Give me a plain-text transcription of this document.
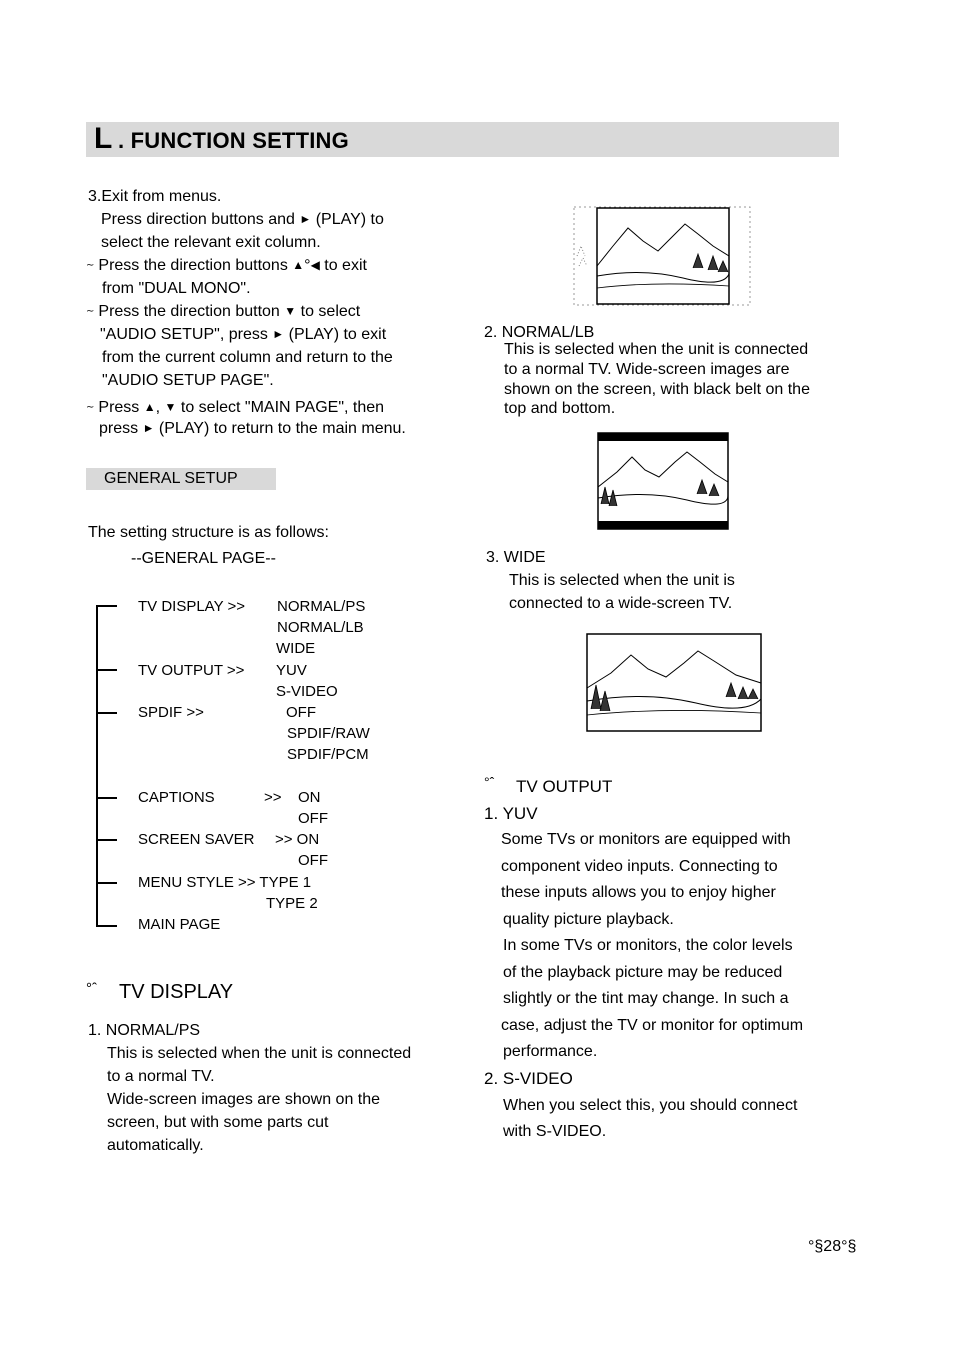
L . FUNCTION SETTING
3.Exit from menus.
Press direction buttons and ► (PLAY) to
select the relevant exit column.
∼ Press the direction buttons ▲°◀ to exit
from "DUAL MONO".
∼ Press the direction button ▼ to select
"AUDIO SETUP", press ► (PLAY) to exit
from the current column and return to the
"AUDIO SETUP PAGE".
∼ Press ▲, ▼ to select "MAIN PAGE", then
press ► (PLAY) to return to the main menu.
GENERAL SETUP
The setting structure is as follows:
--GENERAL PAGE--
TV DISPLAY >> NORMAL/PS
NORMAL/LB
WIDE
TV OUTPUT >> YUV
S-VIDEO
SPDIF >>	OFF
SPDIF/RAW
SPDIF/PCM
CAPTIONS	>> ON
OFF
SCREEN SAVER >> ON
OFF
MENU STYLE >> TYPE 1
TYPE 2
MAIN PAGE
°ˆ TV DISPLAY
1. NORMAL/PS
This is selected when the unit is connected
to a normal TV.
Wide-screen images are shown on the
screen, but with some parts cut
automatically.
2. NORMAL/LB
This is selected when the unit is connected
to a normal TV. Wide-screen images are
shown on the screen, with black belt on the
top and bottom.
3. WIDE
This is selected when the unit is
connected to a wide-screen TV.
°ˆ TV OUTPUT
1. YUV
Some TVs or monitors are equipped with
component video inputs. Connecting to
these inputs allows you to enjoy higher
quality picture playback.
In some TVs or monitors, the color levels
of the playback picture may be reduced
slightly or the tint may change. In such a
case, adjust the TV or monitor for optimum
performance.
2. S-VIDEO
When you select this, you should connect
with S-VIDEO.
°§28°§
